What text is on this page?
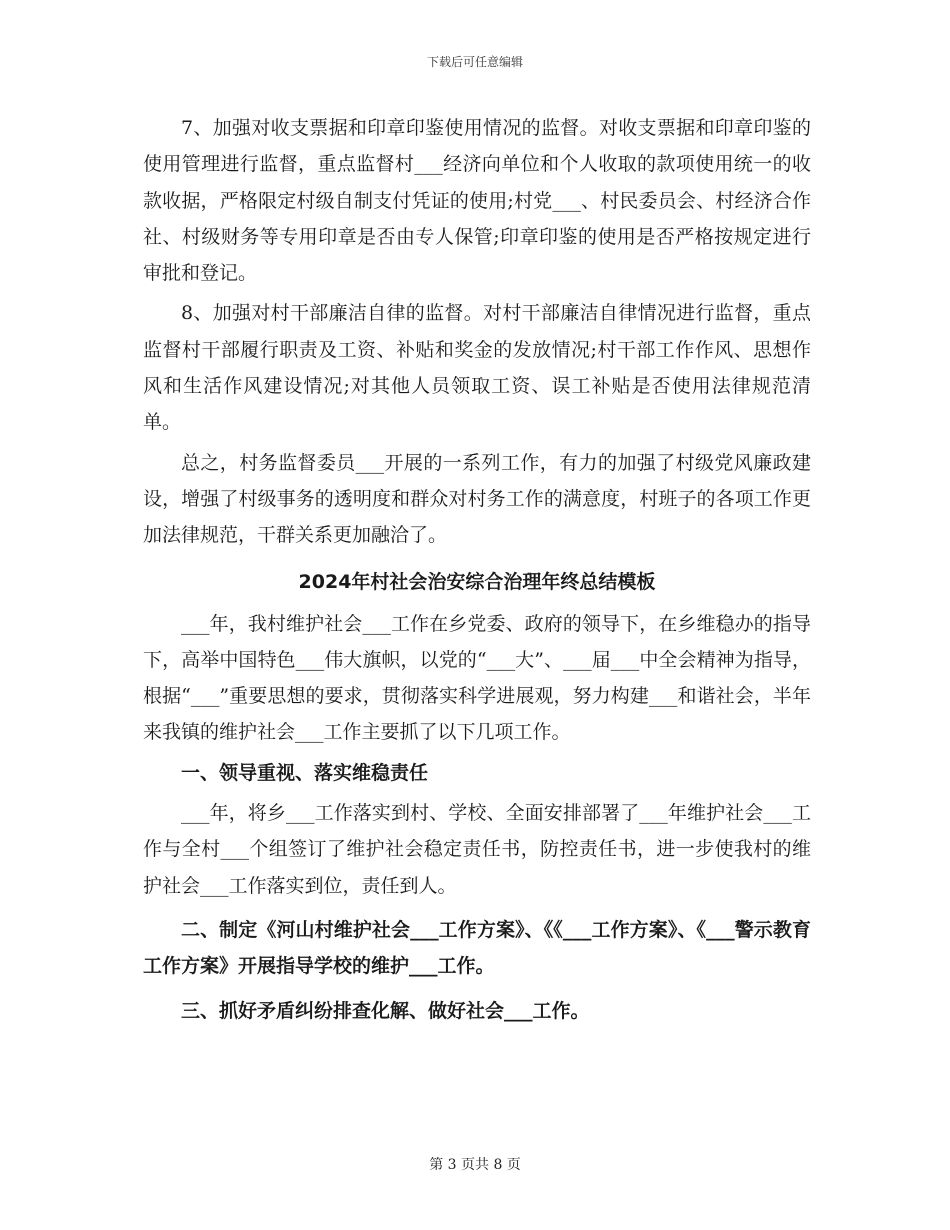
下载后可任意编辑

7、加强对收支票据和印章印鉴使用情况的监督。对收支票据和印章印鉴的使用管理进行监督，重点监督村___经济向单位和个人收取的款项使用统一的收款收据，严格限定村级自制支付凭证的使用;村党___、村民委员会、村经济合作社、村级财务等专用印章是否由专人保管;印章印鉴的使用是否严格按规定进行审批和登记。

8、加强对村干部廉洁自律的监督。对村干部廉洁自律情况进行监督，重点监督村干部履行职责及工资、补贴和奖金的发放情况;村干部工作作风、思想作风和生活作风建设情况;对其他人员领取工资、误工补贴是否使用法律规范清单。

总之，村务监督委员___开展的一系列工作，有力的加强了村级党风廉政建设，增强了村级事务的透明度和群众对村务工作的满意度，村班子的各项工作更加法律规范，干群关系更加融洽了。

2024年村社会治安综合治理年终总结模板

___年，我村维护社会___工作在乡党委、政府的领导下，在乡维稳办的指导下，高举中国特色___伟大旗帜，以党的“___大”、___届___中全会精神为指导，根据“___”重要思想的要求，贯彻落实科学进展观，努力构建___和谐社会，半年来我镇的维护社会___工作主要抓了以下几项工作。

一、领导重视、落实维稳责任

___年，将乡___工作落实到村、学校、全面安排部署了___年维护社会___工作与全村___个组签订了维护社会稳定责任书，防控责任书，进一步使我村的维护社会___工作落实到位，责任到人。

二、制定《河山村维护社会___工作方案》、《《___工作方案》、《___警示教育工作方案》开展指导学校的维护___工作。

三、抓好矛盾纠纷排查化解、做好社会___工作。

第 3 页共 8 页
